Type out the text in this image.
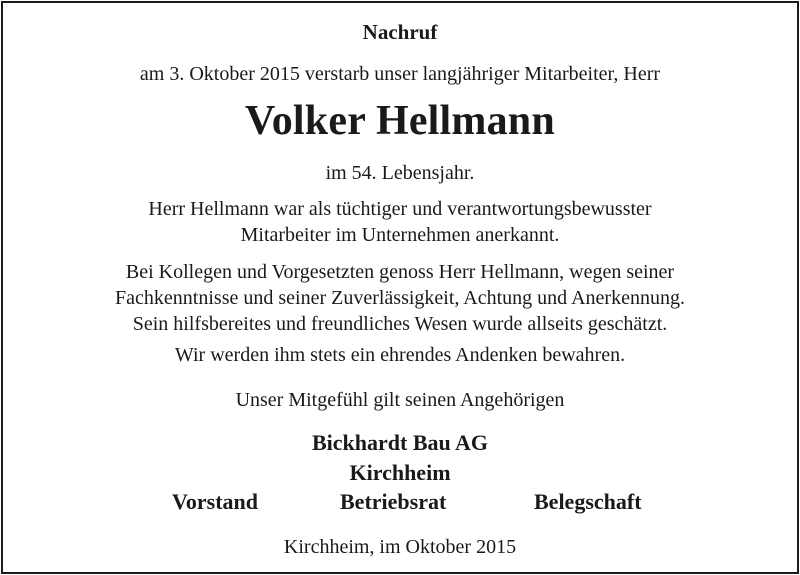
Nachruf
am 3. Oktober 2015 verstarb unser langjähriger Mitarbeiter, Herr
Volker Hellmann
im 54. Lebensjahr.
Herr Hellmann war als tüchtiger und verantwortungsbewusster
Mitarbeiter im Unternehmen anerkannt.
Bei Kollegen und Vorgesetzten genoss Herr Hellmann, wegen seiner
Fachkenntnisse und seiner Zuverlässigkeit, Achtung und Anerkennung.
Sein hilfsbereites und freundliches Wesen wurde allseits geschätzt.
Wir werden ihm stets ein ehrendes Andenken bewahren.
Unser Mitgefühl gilt seinen Angehörigen
Bickhardt Bau AG
Kirchheim
Vorstand	Betriebsrat	Belegschaft
Kirchheim, im Oktober 2015
